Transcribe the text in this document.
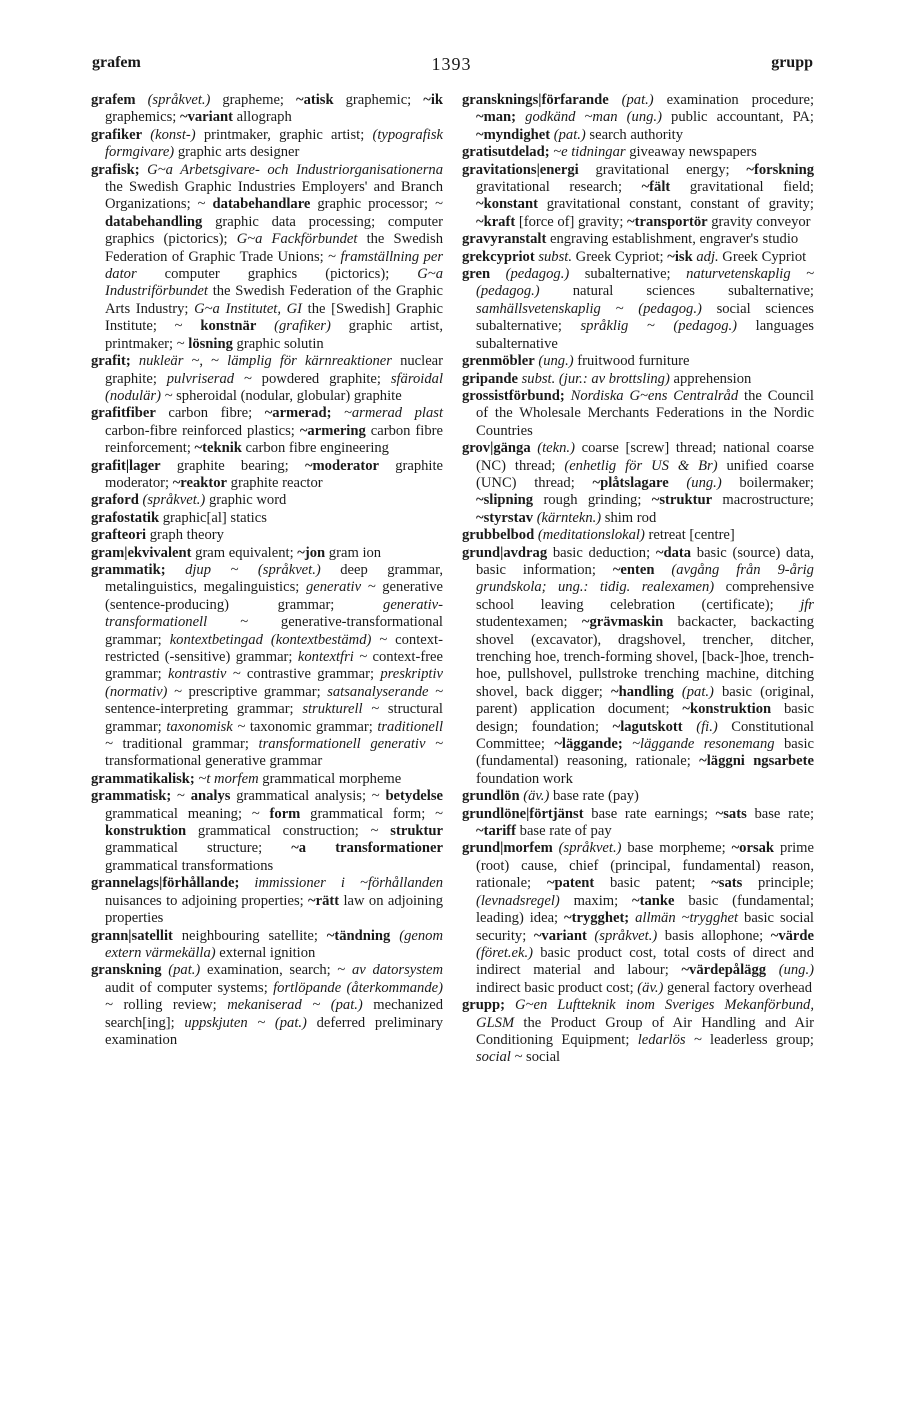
grafem	1393	grupp

grafem (språkvet.) grapheme; ~atisk graphemic; ~ik graphemics; ~variant allograph

grafiker (konst-) printmaker, graphic artist; (typografisk formgivare) graphic arts designer

grafisk; G~a Arbetsgivare- och Industriorganisationerna the Swedish Graphic Industries Employers' and Branch Organizations; ~ databehandlare graphic processor; ~ databehandling graphic data processing; computer graphics (pictorics); G~a Fackförbundet the Swedish Federation of Graphic Trade Unions; ~ framställning per dator computer graphics (pictorics); G~a Industriförbundet the Swedish Federation of the Graphic Arts Industry; G~a Institutet, GI the [Swedish] Graphic Institute; ~ konstnär (grafiker) graphic artist, printmaker; ~ lösning graphic solutin

grafit; nukleär ~, ~ lämplig för kärnreaktioner nuclear graphite; pulvriserad ~ powdered graphite; sfäroidal (nodulär) ~ spheroidal (nodular, globular) graphite

grafitfiber carbon fibre; ~armerad; ~armerad plast carbon-fibre reinforced plastics; ~armering carbon fibre reinforcement; ~teknik carbon fibre engineering

grafit|lager graphite bearing; ~moderator graphite moderator; ~reaktor graphite reactor

graford (språkvet.) graphic word

grafostatik graphic[al] statics

grafteori graph theory

gram|ekvivalent gram equivalent; ~jon gram ion

grammatik; djup ~ (språkvet.) deep grammar, metalinguistics, megalinguistics; generativ ~ generative (sentence-producing) grammar; generativ-transformationell ~ generative-transformational grammar; kontextbetingad (kontextbestämd) ~ context-restricted (-sensitive) grammar; kontextfri ~ context-free grammar; kontrastiv ~ contrastive grammar; preskriptiv (normativ) ~ prescriptive grammar; satsanalyserande ~ sentence-interpreting grammar; strukturell ~ structural grammar; taxonomisk ~ taxonomic grammar; traditionell ~ traditional grammar; transformationell generativ ~ transformational generative grammar

grammatikalisk; ~t morfem grammatical morpheme

grammatisk; ~ analys grammatical analysis; ~ betydelse grammatical meaning; ~ form grammatical form; ~ konstruktion grammatical construction; ~ struktur grammatical structure; ~a transformationer grammatical transformations

grannelags|förhållande; immissioner i ~förhållanden nuisances to adjoining properties; ~rätt law on adjoining properties

grann|satellit neighbouring satellite; ~tändning (genom extern värmekälla) external ignition

granskning (pat.) examination, search; ~ av datorsystem audit of computer systems; fortlöpande (återkommande) ~ rolling review; mekaniserad ~ (pat.) mechanized search[ing]; uppskjuten ~ (pat.) deferred preliminary examination

gransknings|förfarande (pat.) examination procedure; ~man; godkänd ~man (ung.) public accountant, PA; ~myndighet (pat.) search authority

gratisutdelad; ~e tidningar giveaway newspapers

gravitations|energi gravitational energy; ~forskning gravitational research; ~fält gravitational field; ~konstant gravitational constant, constant of gravity; ~kraft [force of] gravity; ~transportör gravity conveyor

gravyranstalt engraving establishment, engraver's studio

grekcypriot subst. Greek Cypriot; ~isk adj. Greek Cypriot

gren (pedagog.) subalternative; naturvetenskaplig ~ (pedagog.) natural sciences subalternative; samhällsvetenskaplig ~ (pedagog.) social sciences subalternative; språklig ~ (pedagog.) languages subalternative

grenmöbler (ung.) fruitwood furniture

gripande subst. (jur.: av brottsling) apprehension

grossistförbund; Nordiska G~ens Centralråd the Council of the Wholesale Merchants Federations in the Nordic Countries

grov|gänga (tekn.) coarse [screw] thread; national coarse (NC) thread; (enhetlig för US & Br) unified coarse (UNC) thread; ~plåtslagare (ung.) boilermaker; ~slipning rough grinding; ~struktur macrostructure; ~styrstav (kärntekn.) shim rod

grubbelbod (meditationslokal) retreat [centre]

grund|avdrag basic deduction; ~data basic (source) data, basic information; ~enten (avgång från 9-årig grundskola; ung.: tidig. realexamen) comprehensive school leaving celebration (certificate); jfr studentexamen; ~grävmaskin backacter, backacting shovel (excavator), dragshovel, trencher, ditcher, trenching hoe, trench-forming shovel, [back-]hoe, trench-hoe, pullshovel, pullstroke trenching machine, ditching shovel, back digger; ~handling (pat.) basic (original, parent) application document; ~konstruktion basic design; foundation; ~lagutskott (fi.) Constitutional Committee; ~läggande; ~läggande resonemang basic (fundamental) reasoning, rationale; ~läggni ngsarbete foundation work

grundlön (äv.) base rate (pay)

grundlöne|förtjänst base rate earnings; ~sats base rate; ~tariff base rate of pay

grund|morfem (språkvet.) base morpheme; ~orsak prime (root) cause, chief (principal, fundamental) reason, rationale; ~patent basic patent; ~sats principle; (levnadsregel) maxim; ~tanke basic (fundamental; leading) idea; ~trygghet; allmän ~trygghet basic social security; ~variant (språkvet.) basis allophone; ~värde (föret.ek.) basic product cost, total costs of direct and indirect material and labour; ~värdepålägg (ung.) indirect basic product cost; (äv.) general factory overhead

grupp; G~en Luftteknik inom Sveriges Mekanförbund, GLSM the Product Group of Air Handling and Air Conditioning Equipment; ledarlös ~ leaderless group; social ~ social
